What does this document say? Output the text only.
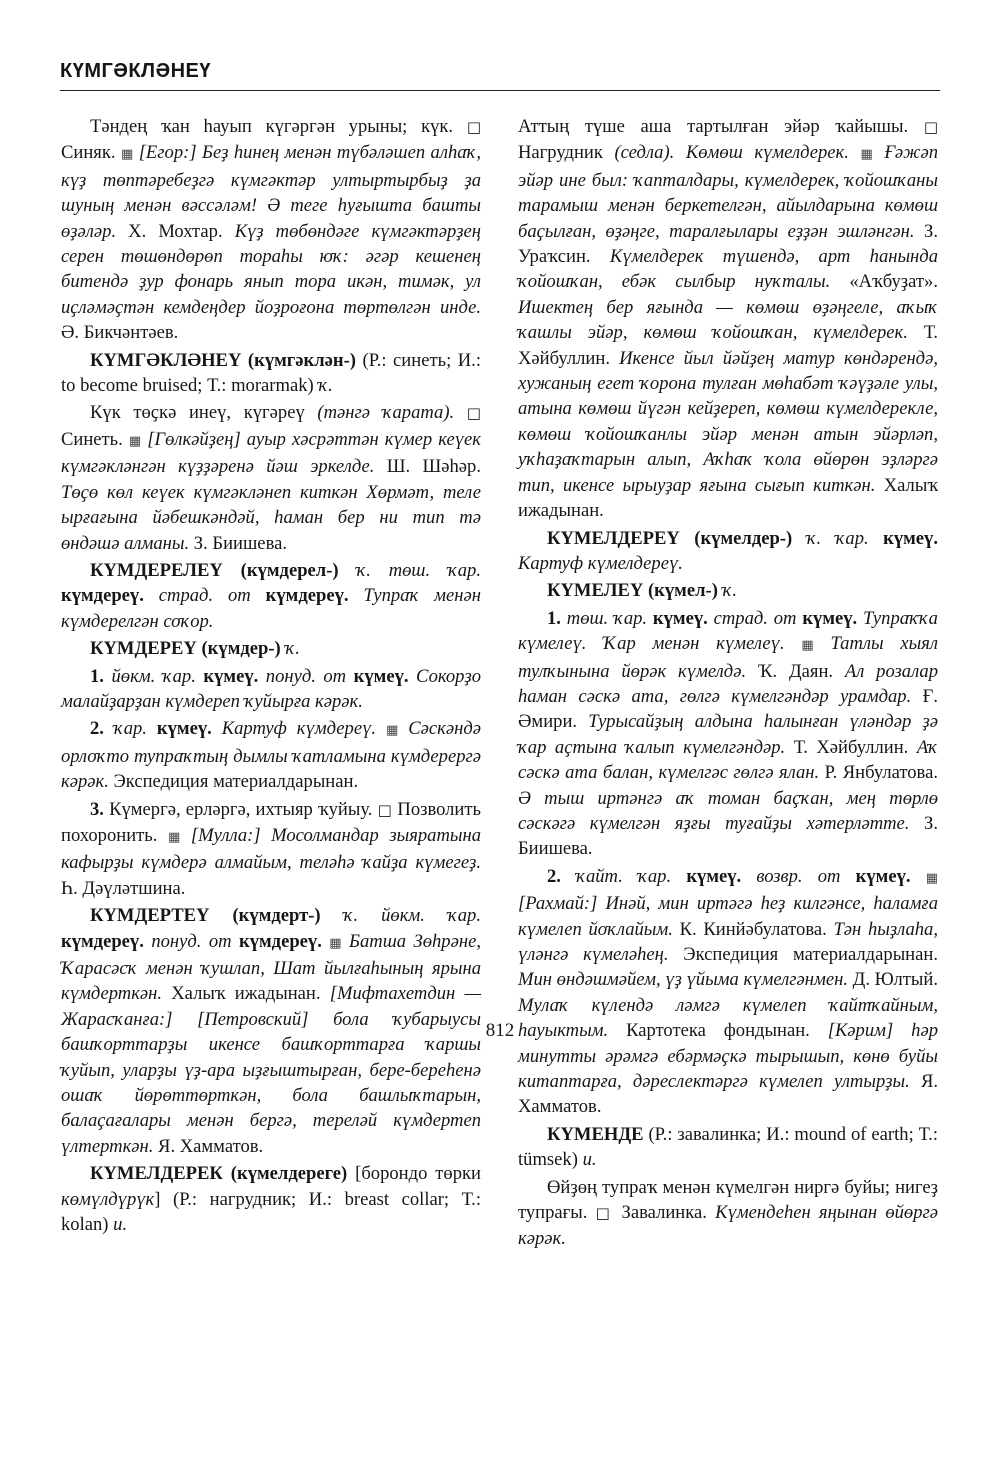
КҮМГӘКЛӘНЕҮ

Тәндең ҡан һауып күгәргән урыны; күк. □ Синяк. ▦ [Егор:] Беҙ һинең менән түбәләшеп алһаҡ, күҙ төптәребеҙгә күмгәктәр ултыртырбыҙ ҙа шуның менән вәссәләм! Ә теге һуғышта башты өҙәләр. Х. Мохтар. Күҙ төбөндәге күмгәктәрҙең серен төшөндөрөп тораһы юҡ: әгәр кешенең битендә ҙур фонарь янып тора икән, тимәк, ул иҫләмәҫтән кемдеңдер йоҙроғона төртөлгән инде. Ә. Бикчәнтәев.

КҮМГӘКЛӘНЕҮ (күмгәклән-) (Р.: синеть; И.: to become bruised; Т.: morarmak) ҡ.

Күк төҫкә инеү, күгәреү (тәнгә ҡарата). □ Синеть. ▦ [Гөлкәйҙең] ауыр хәсрәттән күмер кеүек күмгәкләнгән күҙҙәренә йәш эркелде. Ш. Шәһәр. Төҫө көл кеүек күмгәкләнеп киткән Хөрмәт, теле ырғағына йәбешкәндәй, һаман бер ни тип тә өндәшә алманы. З. Биишева.

КҮМДЕРЕЛЕҮ (күмдерел-) ҡ. төш. ҡар. күмдереү. страд. от күмдереү. Тупраҡ менән күмдерелгән соҡор.

КҮМДЕРЕҮ (күмдер-) ҡ.

1. йөкм. ҡар. күмеү. понуд. от күмеү. Сокорҙо малайҙарҙан күмдереп ҡуйырға кәрәк.

2. ҡар. күмеү. Картуф күмдереү. ▦ Сәскәндә орлоҡто тупраҡтың дымлы ҡатламына күмдерергә кәрәк. Экспедиция материалдарынан.

3. Күмергә, ерләргә, ихтыяр ҡуйыу. □ Позволить похоронить. ▦ [Мулла:] Мосолмандар зыяратына кафырҙы күмдерә алмайым, теләһә ҡайҙа күмегеҙ. Һ. Дәүләтшина.

КҮМДЕРТЕҮ (күмдерт-) ҡ. йөкм. ҡар. күмдереү. понуд. от күмдереү. ▦ Батша Зөһрәне, Ҡарасәсҡ менән ҡушлап, Шат йылғаһының ярына күмдерткән. Халыҡ ижадынан. [Мифтахетдин — Жарасҡанға:] [Петровский] бола ҡубарыусы башҡорттарҙы икенсе башҡорттарға ҡаршы ҡуйып, уларҙы үҙ-ара ыҙғыштырған, бере-береһенә ошаҡ йөрөттөрткән, бола башлыҡтарын, балаҫағалары менән бергә, тереләй күмдертеп үлтерткән. Я. Хамматов.

КҮМЕЛДЕРЕК (күмелдереге) [борондо төрки көмүлдүрүк] (Р.: нагрудник; И.: breast collar; Т.: kolan) и.

Аттың түше аша тартылған эйәр ҡайышы. □ Нагрудник (седла). Көмөш күмелдерек. ▦ Ғәжәп эйәр ине был: ҡапталдары, күмелдерек, ҡойошҡаны тарамыш менән беркетелгән, айылдарына көмөш баҫылған, өҙәңге, таралғылары еҙҙән эшләнгән. З. Ураҡсин. Күмелдерек түшендә, арт һанында ҡойошҡан, ебәк сылбыр нуҡталы. «Аҡбуҙат». Ишектең бер яғында — көмөш өҙәңгеле, аҡыҡ ҡашлы эйәр, көмөш ҡойошҡан, күмелдерек. Т. Хәйбуллин. Икенсе йыл йәйҙең матур көндәрендә, хужаның егет ҡорона тулған мөһабәт ҡәүҙәле улы, атына көмөш йүгән кейҙереп, көмөш күмелдерекле, көмөш ҡойошҡанлы эйәр менән атын эйәрләп, уҡһаҙаҡтарын алып, Аҡһаҡ ҡола өйөрөн эҙләргә тип, икенсе ырыуҙар яғына сығып киткән. Халыҡ ижадынан.

КҮМЕЛДЕРЕҮ (күмелдер-) ҡ. ҡар. күмеү. Картуф күмелдереү.

КҮМЕЛЕҮ (күмел-) ҡ.

1. төш. ҡар. күмеү. страд. от күмеү. Тупраҡҡа күмелеү. Ҡар менән күмелеү. ▦ Татлы хыял тулҡынына йөрәк күмелдә. Ҡ. Даян. Ал розалар һаман сәскә ата, гөлгә күмелгәндәр урамдар. Ғ. Әмири. Турысайҙың алдына һалынған үләндәр ҙә ҡар аҫтына ҡалып күмелгәндәр. Т. Хәйбуллин. Аҡ сәскә ата балан, күмелгәс гөлгә ялан. Р. Янбулатова. Ә тыш иртәнгә аҡ томан баҫҡан, мең төрлө сәскәгә күмелгән яҙғы туғайҙы хәтерләтте. З. Биишева.

2. ҡайт. ҡар. күмеү. возвр. от күмеү. ▦ [Рахмай:] Инәй, мин иртәгә һеҙ килгәнсе, һаламға күмелеп йоҡлайым. К. Кинйәбулатова. Тән һыҙлаһа, үләнгә күмеләһең. Экспедиция материалдарынан. Мин өндәшмәйем, үҙ үйыма күмелгәнмен. Д. Юлтый. Мулаҡ күлендә ләмгә күмелеп ҡайтҡайным, һауыктым. Картотека фондынан. [Кәрим] һәр минутты әрәмгә ебәрмәҫкә тырышып, көнө буйы китаптарға, дәреслектәргә күмелеп ултырҙы. Я. Хамматов.

КҮМЕНДЕ (Р.: завалинка; И.: mound of earth; Т.: tümsek) и.

Өйҙөң тупраҡ менән күмелгән ниргә буйы; нигеҙ тупрағы. □ Завалинка. Күмендеһен яңынан өйөргә кәрәк.

812
